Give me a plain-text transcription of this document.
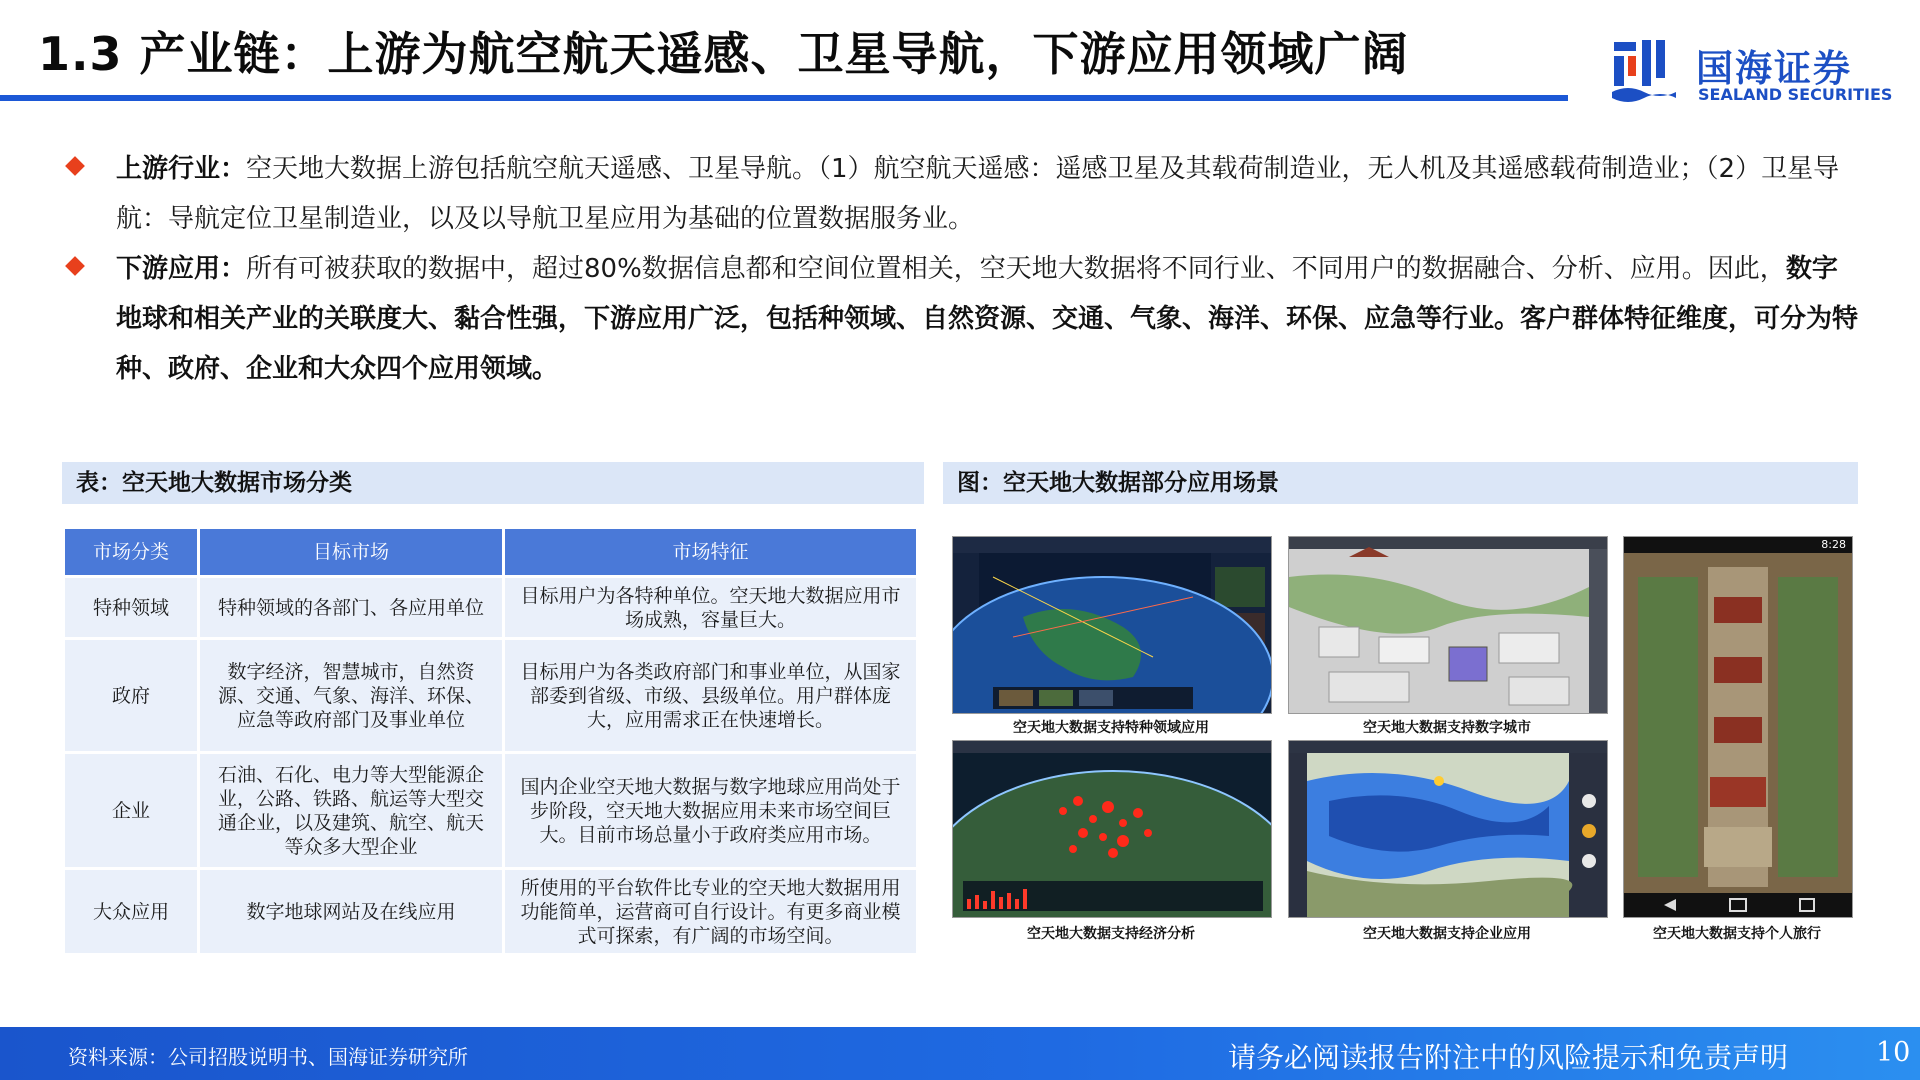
1.3 产业链：上游为航空航天遥感、卫星导航，下游应用领域广阔	国海证券
SEALAND SECURITIES

上游行业：空天地大数据上游包括航空航天遥感、卫星导航。（1）航空航天遥感：遥感卫星及其载荷制造业，无人机及其遥感载荷制造业；（2）卫星导航：导航定位卫星制造业，以及以导航卫星应用为基础的位置数据服务业。

下游应用：所有可被获取的数据中，超过80%数据信息都和空间位置相关，空天地大数据将不同行业、不同用户的数据融合、分析、应用。因此，数字地球和相关产业的关联度大、黏合性强，下游应用广泛，包括种领域、自然资源、交通、气象、海洋、环保、应急等行业。客户群体特征维度，可分为特种、政府、企业和大众四个应用领域。

表：空天地大数据市场分类	图：空天地大数据部分应用场景
市场分类	目标市场	市场特征
特种领域	特种领域的各部门、各应用单位	目标用户为各特种单位。空天地大数据应用市场成熟，容量巨大。
政府	数字经济，智慧城市，自然资源、交通、气象、海洋、环保、应急等政府部门及事业单位	目标用户为各类政府部门和事业单位，从国家部委到省级、市级、县级单位。用户群体庞大，应用需求正在快速增长。
企业	石油、石化、电力等大型能源企业，公路、铁路、航运等大型交通企业，以及建筑、航空、航天等众多大型企业	国内企业空天地大数据与数字地球应用尚处于步阶段，空天地大数据应用未来市场空间巨大。目前市场总量小于政府类应用市场。
大众应用	数字地球网站及在线应用	所使用的平台软件比专业的空天地大数据用用功能简单，运营商可自行设计。有更多商业模式可探索，有广阔的市场空间。
空天地大数据支持特种领域应用	空天地大数据支持数字城市
空天地大数据支持经济分析	空天地大数据支持企业应用
8:28
空天地大数据支持个人旅行
资料来源：公司招股说明书、国海证券研究所	请务必阅读报告附注中的风险提示和免责声明	10
